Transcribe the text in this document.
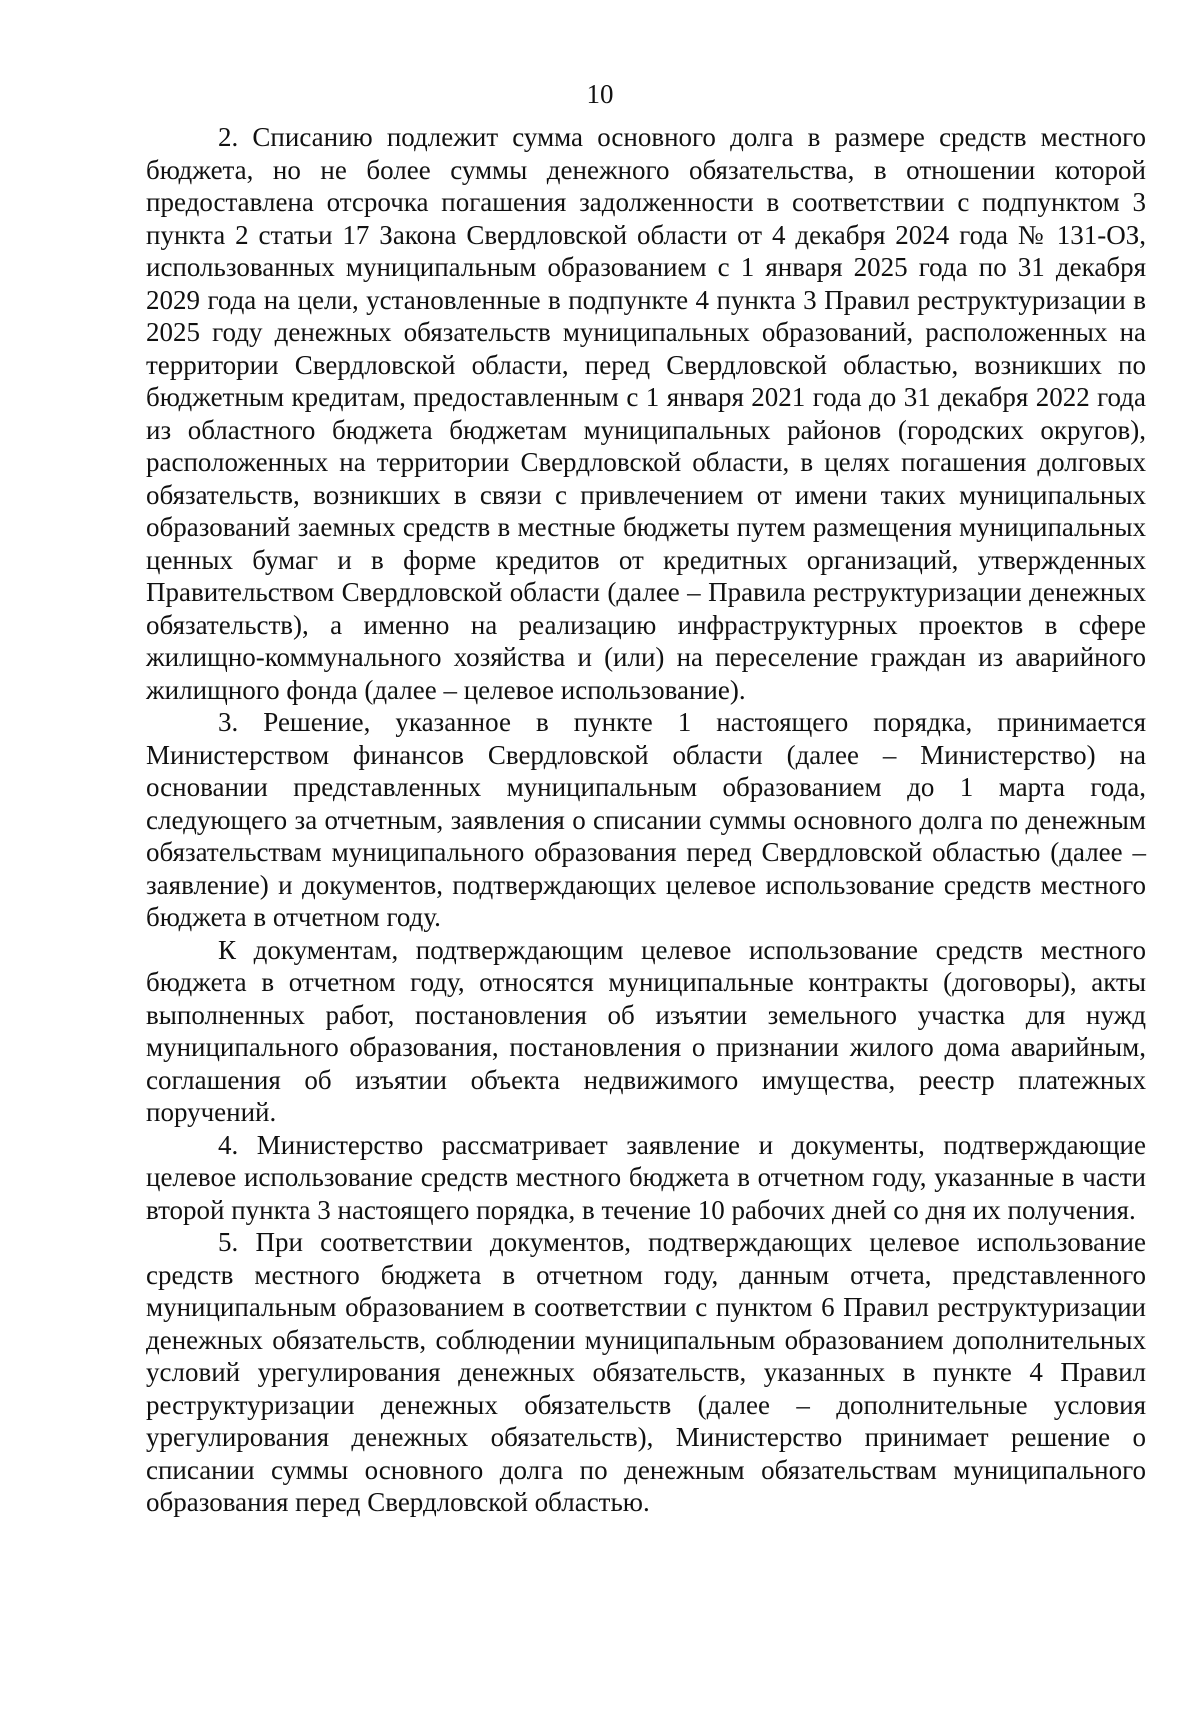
10

2. Списанию подлежит сумма основного долга в размере средств местного бюджета, но не более суммы денежного обязательства, в отношении которой предоставлена отсрочка погашения задолженности в соответствии с подпунктом 3 пункта 2 статьи 17 Закона Свердловской области от 4 декабря 2024 года № 131-ОЗ, использованных муниципальным образованием с 1 января 2025 года по 31 декабря 2029 года на цели, установленные в подпункте 4 пункта 3 Правил реструктуризации в 2025 году денежных обязательств муниципальных образований, расположенных на территории Свердловской области, перед Свердловской областью, возникших по бюджетным кредитам, предоставленным с 1 января 2021 года до 31 декабря 2022 года из областного бюджета бюджетам муниципальных районов (городских округов), расположенных на территории Свердловской области, в целях погашения долговых обязательств, возникших в связи с привлечением от имени таких муниципальных образований заемных средств в местные бюджеты путем размещения муниципальных ценных бумаг и в форме кредитов от кредитных организаций, утвержденных Правительством Свердловской области (далее – Правила реструктуризации денежных обязательств), а именно на реализацию инфраструктурных проектов в сфере жилищно-коммунального хозяйства и (или) на переселение граждан из аварийного жилищного фонда (далее – целевое использование).

3. Решение, указанное в пункте 1 настоящего порядка, принимается Министерством финансов Свердловской области (далее – Министерство) на основании представленных муниципальным образованием до 1 марта года, следующего за отчетным, заявления о списании суммы основного долга по денежным обязательствам муниципального образования перед Свердловской областью (далее – заявление) и документов, подтверждающих целевое использование средств местного бюджета в отчетном году.

К документам, подтверждающим целевое использование средств местного бюджета в отчетном году, относятся муниципальные контракты (договоры), акты выполненных работ, постановления об изъятии земельного участка для нужд муниципального образования, постановления о признании жилого дома аварийным, соглашения об изъятии объекта недвижимого имущества, реестр платежных поручений.

4. Министерство рассматривает заявление и документы, подтверждающие целевое использование средств местного бюджета в отчетном году, указанные в части второй пункта 3 настоящего порядка, в течение 10 рабочих дней со дня их получения.

5. При соответствии документов, подтверждающих целевое использование средств местного бюджета в отчетном году, данным отчета, представленного муниципальным образованием в соответствии с пунктом 6 Правил реструктуризации денежных обязательств, соблюдении муниципальным образованием дополнительных условий урегулирования денежных обязательств, указанных в пункте 4 Правил реструктуризации денежных обязательств (далее – дополнительные условия урегулирования денежных обязательств), Министерство принимает решение о списании суммы основного долга по денежным обязательствам муниципального образования перед Свердловской областью.
